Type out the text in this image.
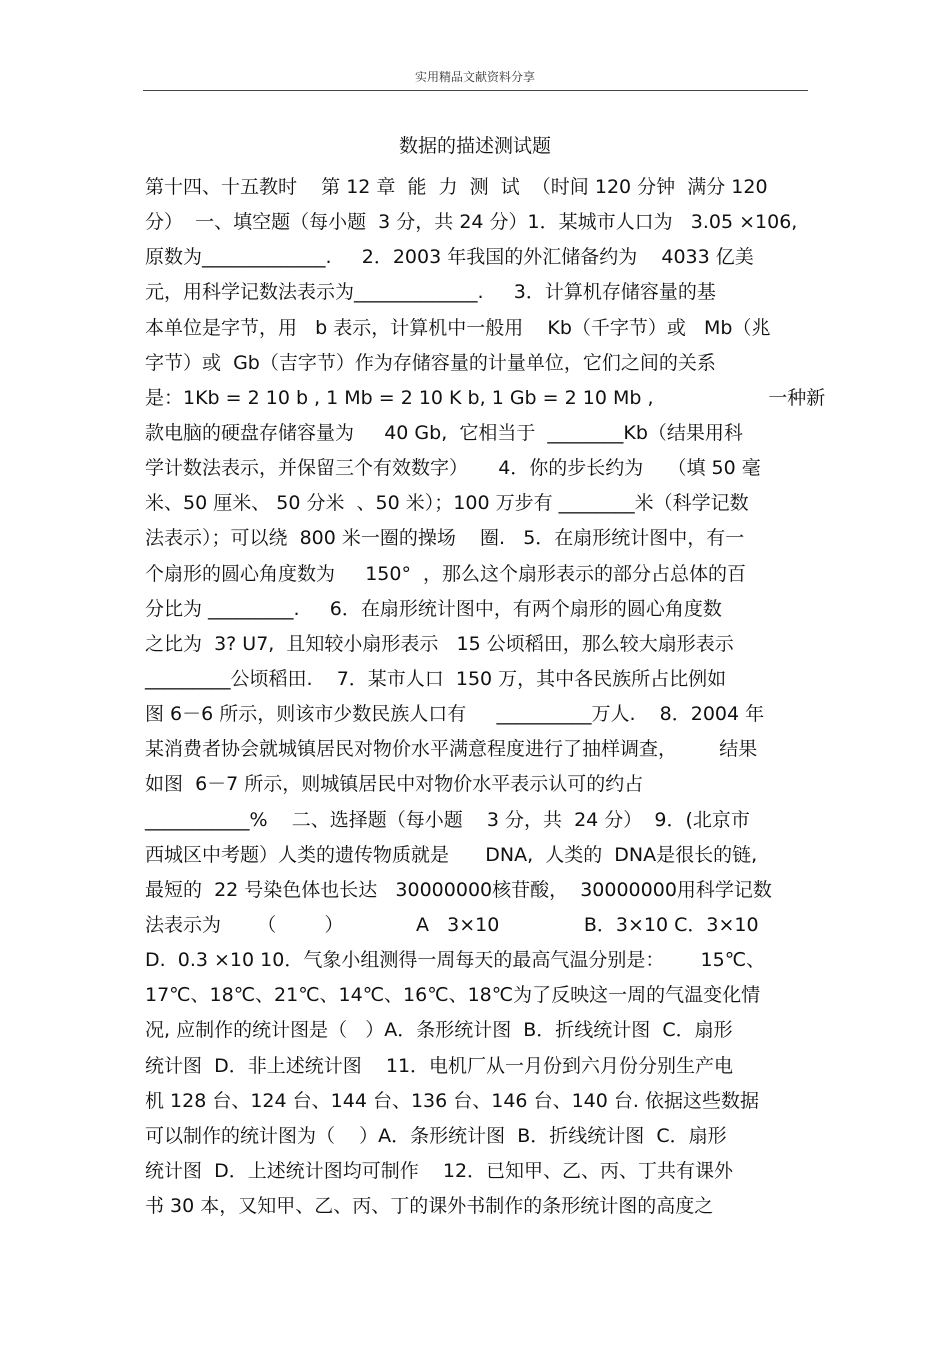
实用精品文献资料分享
数据的描述测试题
第十四、十五教时    第 12 章  能  力  测  试  （时间 120 分钟  满分 120
分）  一、填空题（每小题  3 分，共 24 分）1．某城市人口为   3.05 ×106,
原数为_____________.     2．2003 年我国的外汇储备约为    4033 亿美
元，用科学记数法表示为_____________.     3．计算机存储容量的基
本单位是字节，用   b 表示，计算机中一般用    Kb（千字节）或   Mb（兆
字节）或  Gb（吉字节）作为存储容量的计量单位，它们之间的关系
是：1Kb = 2 10 b , 1 Mb = 2 10 K b, 1 Gb = 2 10 Mb ,                   一种新
款电脑的硬盘存储容量为     40 Gb,  它相当于  ________Kb（结果用科
学计数法表示，并保留三个有效数字）     4．你的步长约为    （填 50 毫
米、50 厘米、 50 分米  、50 米）；100 万步有 ________米（科学记数
法表示）；可以绕  800 米一圈的操场    圈.   5．在扇形统计图中，有一
个扇形的圆心角度数为     150°  ，那么这个扇形表示的部分占总体的百
分比为 _________.     6．在扇形统计图中，有两个扇形的圆心角度数
之比为  3? U7,  且知较小扇形表示   15 公顷稻田，那么较大扇形表示
_________公顷稻田.    7．某市人口  150 万，其中各民族所占比例如
图 6－6 所示，则该市少数民族人口有     __________万人.    8．2004 年
某消费者协会就城镇居民对物价水平满意程度进行了抽样调查，       结果
如图  6－7 所示，则城镇居民中对物价水平表示认可的约占
___________%    二、选择题（每小题    3 分，共  24 分）  9．(北京市
西城区中考题）人类的遗传物质就是      DNA,  人类的  DNA是很长的链,
最短的  22 号染色体也长达   30000000核苷酸，  30000000用科学记数
法表示为      （        ）            A   3×10              B．3×10 C．3×10
D.  0.3 ×10 10．气象小组测得一周每天的最高气温分别是：      15℃、
17℃、18℃、21℃、14℃、16℃、18℃为了反映这一周的气温变化情
况, 应制作的统计图是（   ）A．条形统计图  B．折线统计图  C．扇形
统计图  D．非上述统计图    11．电机厂从一月份到六月份分别生产电
机 128 台、124 台、144 台、136 台、146 台、140 台. 依据这些数据
可以制作的统计图为（    ）A．条形统计图  B．折线统计图  C．扇形
统计图  D．上述统计图均可制作    12．已知甲、乙、丙、丁共有课外
书 30 本，又知甲、乙、丙、丁的课外书制作的条形统计图的高度之
